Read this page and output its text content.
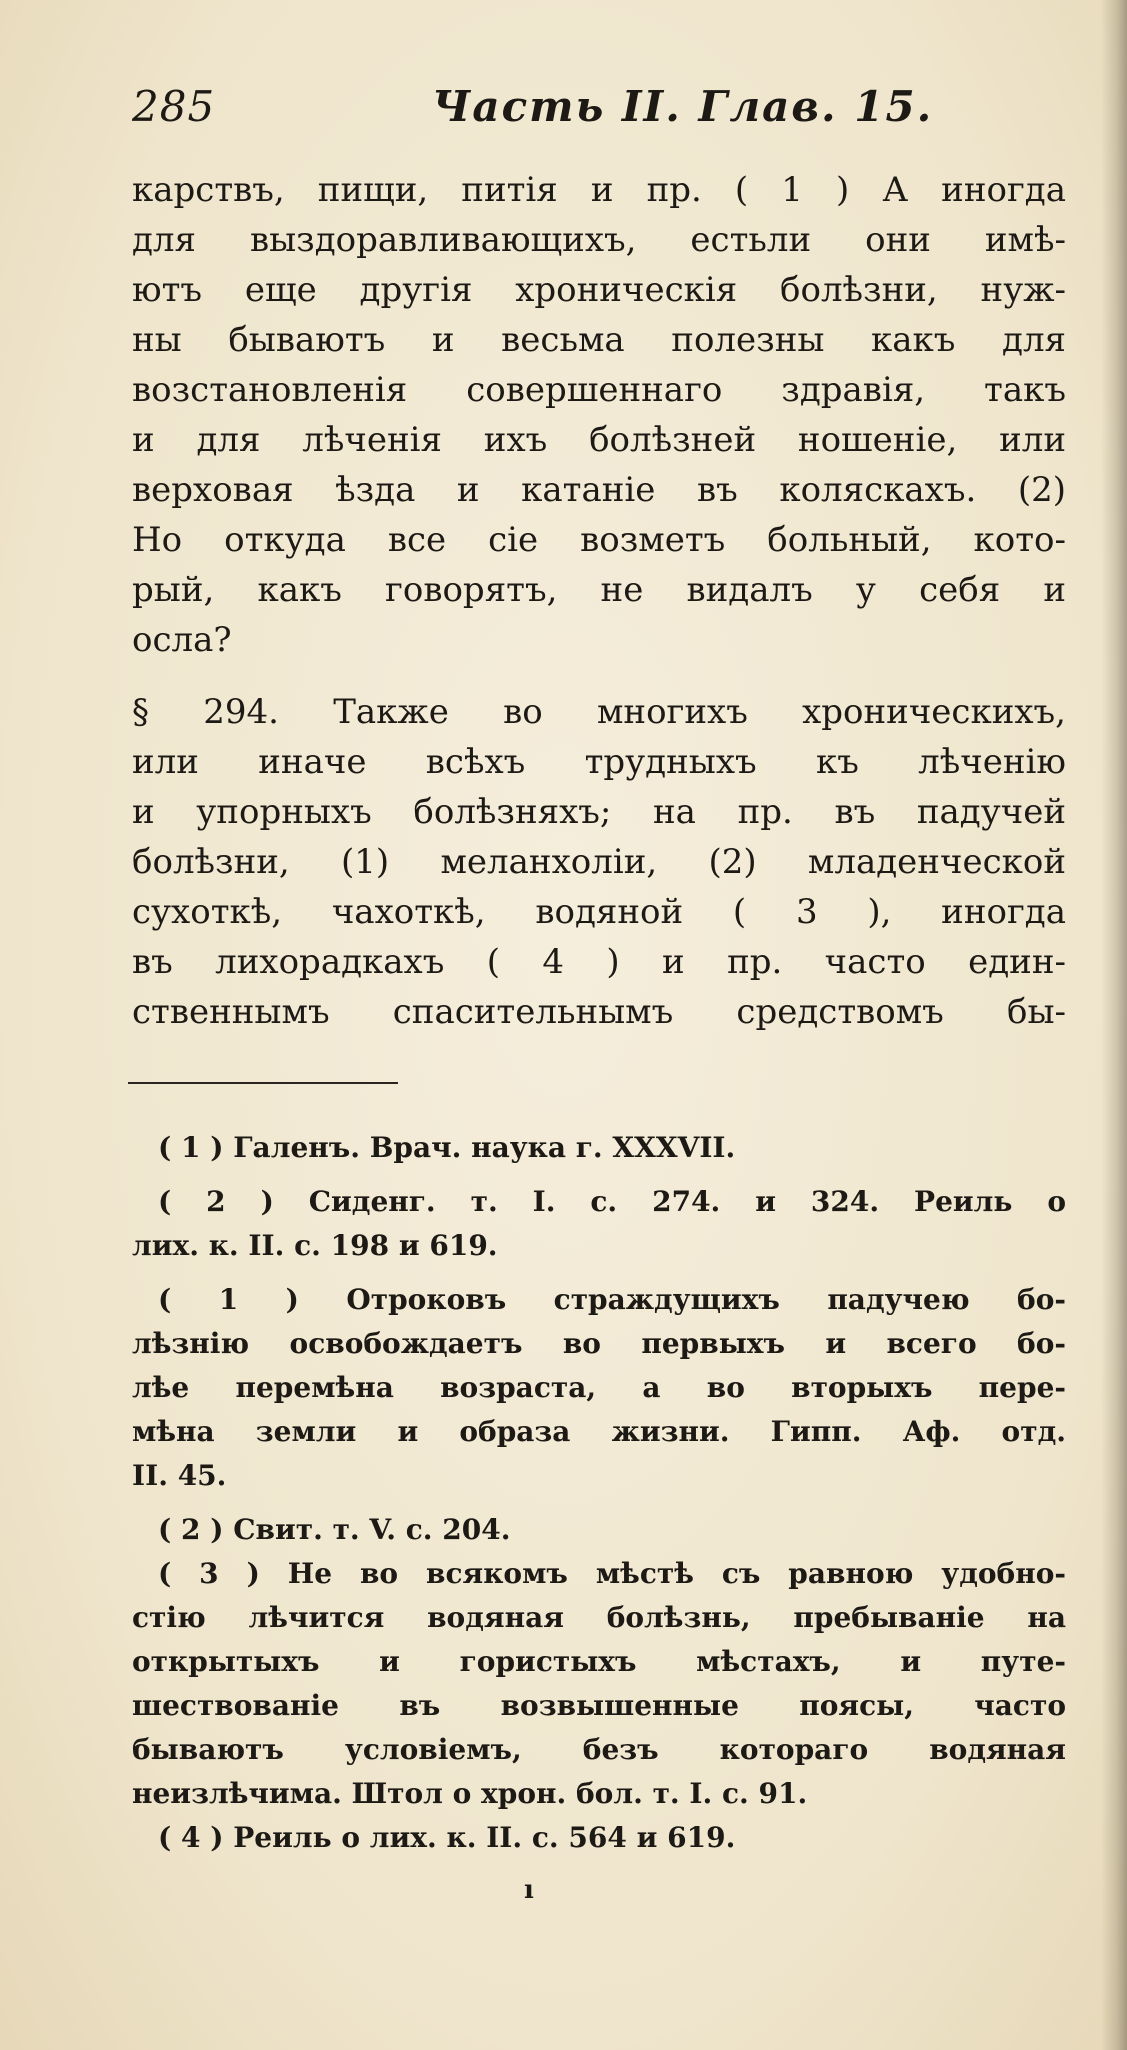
285	Часть II. Глав. 15.
карствъ, пищи, питія и пр. ( 1 ) А иногда
для выздоравливающихъ, естьли они имѣ-
ютъ еще другія хроническія болѣзни, нуж-
ны бываютъ и весьма полезны какъ для
возстановленія совершеннаго здравія, такъ
и для лѣченія ихъ болѣзней ношеніе, или
верховая ѣзда и катаніе въ коляскахъ. (2)
Но откуда все сіе возметъ больный, кото-
рый, какъ говорятъ, не видалъ у себя и
осла?
§ 294. Также во многихъ хроническихъ,
или иначе всѣхъ трудныхъ къ лѣченію
и упорныхъ болѣзняхъ; на пр. въ падучей
болѣзни, (1) меланхоліи, (2) младенческой
сухоткѣ, чахоткѣ, водяной ( 3 ), иногда
въ лихорадкахъ ( 4 ) и пр. часто един-
ственнымъ спасительнымъ средствомъ бы-
( 1 ) Галенъ. Врач. наука г. XXXVII.
( 2 ) Сиденг. т. I. с. 274. и 324. Реиль о
лих. к. II. с. 198 и 619.
( 1 ) Отроковъ страждущихъ падучею бо-
лѣзнію освобождаетъ во первыхъ и всего бо-
лѣе перемѣна возраста, а во вторыхъ пере-
мѣна земли и образа жизни. Гипп. Аф. отд.
II. 45.
( 2 ) Свит. т. V. с. 204.
( 3 ) Не во всякомъ мѣстѣ съ равною удобно-
стію лѣчится водяная болѣзнь, пребываніе на
открытыхъ и гористыхъ мѣстахъ, и путе-
шествованіе въ возвышенные поясы, часто
бываютъ условіемъ, безъ котораго водяная
неизлѣчима. Штол о хрон. бол. т. I. с. 91.
( 4 ) Реиль о лих. к. II. с. 564 и 619.
ı
